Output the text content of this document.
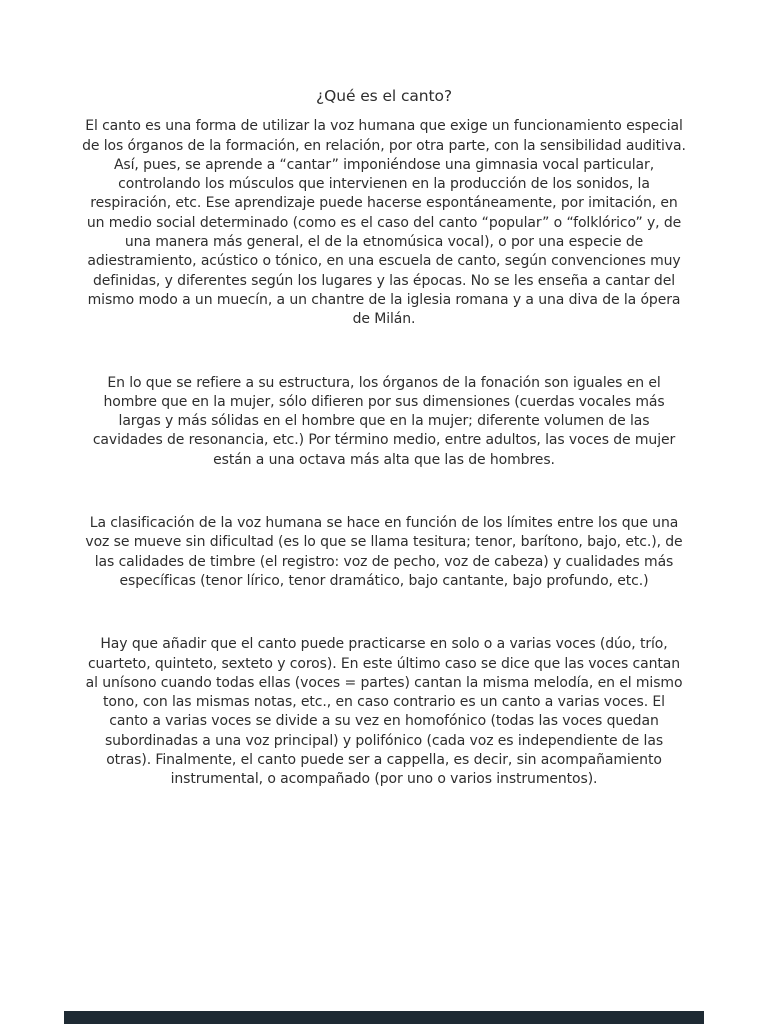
¿Qué es el canto?

El canto es una forma de utilizar la voz humana que exige un funcionamiento especial de los órganos de la formación, en relación, por otra parte, con la sensibilidad auditiva. Así, pues, se aprende a “cantar” imponiéndose una gimnasia vocal particular, controlando los músculos que intervienen en la producción de los sonidos, la respiración, etc. Ese aprendizaje puede hacerse espontáneamente, por imitación, en un medio social determinado (como es el caso del canto “popular” o “folklórico” y, de una manera más general, el de la etnomúsica vocal), o por una especie de adiestramiento, acústico o tónico, en una escuela de canto, según convenciones muy definidas, y diferentes según los lugares y las épocas. No se les enseña a cantar del mismo modo a un muecín, a un chantre de la iglesia romana y a una diva de la ópera de Milán.

En lo que se refiere a su estructura, los órganos de la fonación son iguales en el hombre que en la mujer, sólo difieren por sus dimensiones (cuerdas vocales más largas y más sólidas en el hombre que en la mujer; diferente volumen de las cavidades de resonancia, etc.) Por término medio, entre adultos, las voces de mujer están a una octava más alta que las de hombres.

La clasificación de la voz humana se hace en función de los límites entre los que una voz se mueve sin dificultad (es lo que se llama tesitura; tenor, barítono, bajo, etc.), de las calidades de timbre (el registro: voz de pecho, voz de cabeza) y cualidades más específicas (tenor lírico, tenor dramático, bajo cantante, bajo profundo, etc.)

Hay que añadir que el canto puede practicarse en solo o a varias voces (dúo, trío, cuarteto, quinteto, sexteto y coros). En este último caso se dice que las voces cantan al unísono cuando todas ellas (voces = partes) cantan la misma melodía, en el mismo tono, con las mismas notas, etc., en caso contrario es un canto a varias voces. El canto a varias voces se divide a su vez en homofónico (todas las voces quedan subordinadas a una voz principal) y polifónico (cada voz es independiente de las otras). Finalmente, el canto puede ser a cappella, es decir, sin acompañamiento instrumental, o acompañado (por uno o varios instrumentos).
